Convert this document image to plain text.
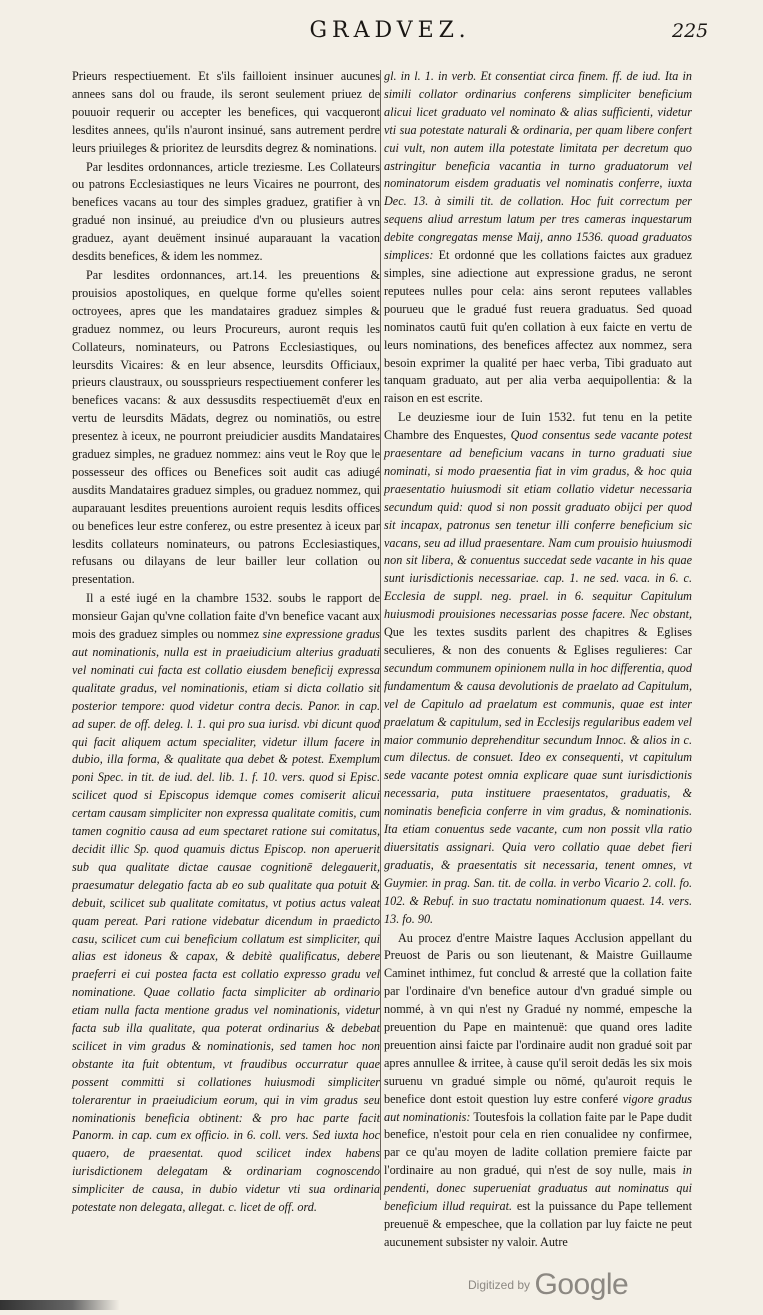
GRADVEZ.	225

Prieurs respectiuement. Et s'ils failloient insinuer aucunes annees sans dol ou fraude, ils seront seulement priuez de pouuoir requerir ou accepter les benefices, qui vacqueront lesdites annees, qu'ils n'auront insinué, sans autrement perdre leurs priuileges & prioritez de leursdits degrez & nominations.

Par lesdites ordonnances, article treziesme. Les Collateurs ou patrons Ecclesiastiques ne leurs Vicaires ne pourront, des benefices vacans au tour des simples graduez, gratifier à vn gradué non insinué, au preiudice d'vn ou plusieurs autres graduez, ayant deuëment insinué auparauant la vacation desdits benefices, & idem les nommez.

Par lesdites ordonnances, art.14. les preuentions & prouisios apostoliques, en quelque forme qu'elles soient octroyees, apres que les mandataires graduez simples & graduez nommez, ou leurs Procureurs, auront requis les Collateurs, nominateurs, ou Patrons Ecclesiastiques, ou leursdits Vicaires: & en leur absence, leursdits Officiaux, prieurs claustraux, ou soussprieurs respectiuement conferer les benefices vacans: & aux dessusdits respectiuemēt d'eux en vertu de leursdits Mādats, degrez ou nominatiōs, ou estre presentez à iceux, ne pourront preiudicier ausdits Mandataires graduez simples, ne graduez nommez: ains veut le Roy que le possesseur des offices ou Benefices soit audit cas adiugé ausdits Mandataires graduez simples, ou graduez nommez, qui auparauant lesdites preuentions auroient requis lesdits offices ou benefices leur estre conferez, ou estre presentez à iceux par lesdits collateurs nominateurs, ou patrons Ecclesiastiques, refusans ou dilayans de leur bailler leur collation ou presentation.

Il a esté iugé en la chambre 1532. soubs le rapport de monsieur Gajan qu'vne collation faite d'vn benefice vacant aux mois des graduez simples ou nommez sine expressione gradus aut nominationis, nulla est in praeiudicium alterius graduati vel nominati cui facta est collatio eiusdem beneficij expressa qualitate gradus, vel nominationis, etiam si dicta collatio sit posterior tempore: quod videtur contra decis. Panor. in cap. ad super. de off. deleg. l. 1. qui pro sua iurisd. vbi dicunt quod qui facit aliquem actum specialiter, videtur illum facere in dubio, illa forma, & qualitate qua debet & potest. Exemplum poni Spec. in tit. de iud. del. lib. 1. f. 10. vers. quod si Episc. scilicet quod si Episcopus idemque comes comiserit alicui certam causam simpliciter non expressa qualitate comitis, cum tamen cognitio causa ad eum spectaret ratione sui comitatus, decidit illic Sp. quod quamuis dictus Episcop. non aperuerit sub qua qualitate dictae causae cognitionē delegauerit, praesumatur delegatio facta ab eo sub qualitate qua potuit & debuit, scilicet sub qualitate comitatus, vt potius actus valeat quam pereat. Pari ratione videbatur dicendum in praedicto casu, scilicet cum cui beneficium collatum est simpliciter, qui alias est idoneus & capax, & debitè qualificatus, debere praeferri ei cui postea facta est collatio expresso gradu vel nominatione. Quae collatio facta simpliciter ab ordinario etiam nulla facta mentione gradus vel nominationis, videtur facta sub illa qualitate, qua poterat ordinarius & debebat scilicet in vim gradus & nominationis, sed tamen hoc non obstante ita fuit obtentum, vt fraudibus occurratur quae possent committi si collationes huiusmodi simpliciter tolerarentur in praeiudicium eorum, qui in vim gradus seu nominationis beneficia obtinent: & pro hac parte facit Panorm. in cap. cum ex officio. in 6. coll. vers. Sed iuxta hoc quaero, de praesentat. quod scilicet index habens iurisdictionem delegatam & ordinariam cognoscendo simpliciter de causa, in dubio videtur vti sua ordinaria potestate non delegata, allegat. c. licet de off. ord.

gl. in l. 1. in verb. Et consentiat circa finem. ff. de iud. Ita in simili collator ordinarius conferens simpliciter beneficium alicui licet graduato vel nominato & alias sufficienti, videtur vti sua potestate naturali & ordinaria, per quam libere confert cui vult, non autem illa potestate limitata per decretum quo astringitur beneficia vacantia in turno graduatorum vel nominatorum eisdem graduatis vel nominatis conferre, iuxta Dec. 13. à simili tit. de collation. Hoc fuit correctum per sequens aliud arrestum latum per tres cameras inquestarum debite congregatas mense Maij, anno 1536. quoad graduatos simplices: Et ordonné que les collations faictes aux graduez simples, sine adiectione aut expressione gradus, ne seront reputees nulles pour cela: ains seront reputees vallables pourueu que le gradué fust reuera graduatus. Sed quoad nominatos cautū fuit qu'en collation à eux faicte en vertu de leurs nominations, des benefices affectez aux nommez, sera besoin exprimer la qualité per haec verba, Tibi graduato aut tanquam graduato, aut per alia verba aequipollentia: & la raison en est escrite.

Le deuziesme iour de Iuin 1532. fut tenu en la petite Chambre des Enquestes, Quod consentus sede vacante potest praesentare ad beneficium vacans in turno graduati siue nominati, si modo praesentia fiat in vim gradus, & hoc quia praesentatio huiusmodi sit etiam collatio videtur necessaria secundum quid: quod si non possit graduato obijci per quod sit incapax, patronus sen tenetur illi conferre beneficium sic vacans, seu ad illud praesentare. Nam cum prouisio huiusmodi non sit libera, & conuentus succedat sede vacante in his quae sunt iurisdictionis necessariae. cap. 1. ne sed. vaca. in 6. c. Ecclesia de suppl. neg. prael. in 6. sequitur Capitulum huiusmodi prouisiones necessarias posse facere. Nec obstant, Que les textes susdits parlent des chapitres & Eglises seculieres, & non des conuents & Eglises regulieres: Car secundum communem opinionem nulla in hoc differentia, quod fundamentum & causa devolutionis de praelato ad Capitulum, vel de Capitulo ad praelatum est communis, quae est inter praelatum & capitulum, sed in Ecclesijs regularibus eadem vel maior communio deprehenditur secundum Innoc. & alios in c. cum dilectus. de consuet. Ideo ex consequenti, vt capitulum sede vacante potest omnia explicare quae sunt iurisdictionis necessaria, puta instituere praesentatos, graduatis, & nominatis beneficia conferre in vim gradus, & nominationis. Ita etiam conuentus sede vacante, cum non possit vlla ratio diuersitatis assignari. Quia vero collatio quae debet fieri graduatis, & praesentatis sit necessaria, tenent omnes, vt Guymier. in prag. San. tit. de colla. in verbo Vicario 2. coll. fo. 102. & Rebuf. in suo tractatu nominationum quaest. 14. vers. 13. fo. 90.

Au procez d'entre Maistre Iaques Acclusion appellant du Preuost de Paris ou son lieutenant, & Maistre Guillaume Caminet inthimez, fut conclud & arresté que la collation faite par l'ordinaire d'vn benefice autour d'vn gradué simple ou nommé, à vn qui n'est ny Gradué ny nommé, empesche la preuention du Pape en maintenuë: que quand ores ladite preuention ainsi faicte par l'ordinaire audit non gradué soit par apres annullee & irritee, à cause qu'il seroit dedās les six mois suruenu vn gradué simple ou nōmé, qu'auroit requis le benefice dont estoit question luy estre conferé vigore gradus aut nominationis: Toutesfois la collation faite par le Pape dudit benefice, n'estoit pour cela en rien conualidee ny confirmee, par ce qu'au moyen de ladite collation premiere faicte par l'ordinaire au non gradué, qui n'est de soy nulle, mais in pendenti, donec superueniat graduatus aut nominatus qui beneficium illud requirat. est la puissance du Pape tellement preuenuë & empeschee, que la collation par luy faicte ne peut aucunement subsister ny valoir. Autre

Digitized by Google
